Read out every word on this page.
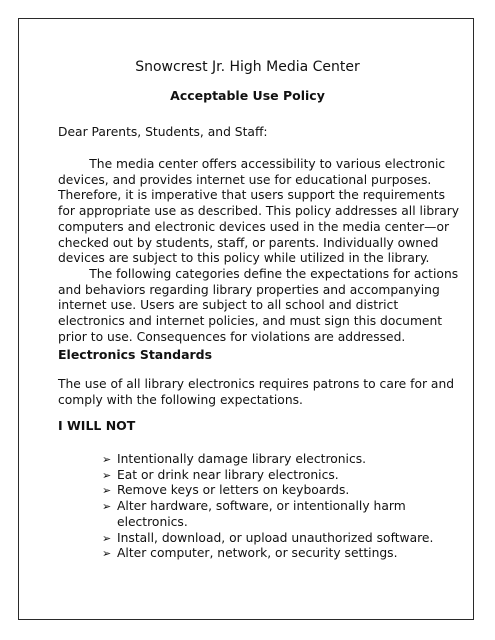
Snowcrest Jr. High Media Center
Acceptable Use Policy
Dear Parents, Students, and Staff:
The media center offers accessibility to various electronic
devices, and provides internet use for educational purposes.
Therefore, it is imperative that users support the requirements
for appropriate use as described. This policy addresses all library
computers and electronic devices used in the media center—or
checked out by students, staff, or parents. Individually owned
devices are subject to this policy while utilized in the library.
The following categories define the expectations for actions
and behaviors regarding library properties and accompanying
internet use. Users are subject to all school and district
electronics and internet policies, and must sign this document
prior to use. Consequences for violations are addressed.
Electronics Standards
The use of all library electronics requires patrons to care for and
comply with the following expectations.
I WILL NOT
➢ Intentionally damage library electronics.
➢ Eat or drink near library electronics.
➢ Remove keys or letters on keyboards.
➢ Alter hardware, software, or intentionally harm
electronics.
➢ Install, download, or upload unauthorized software.
➢ Alter computer, network, or security settings.
